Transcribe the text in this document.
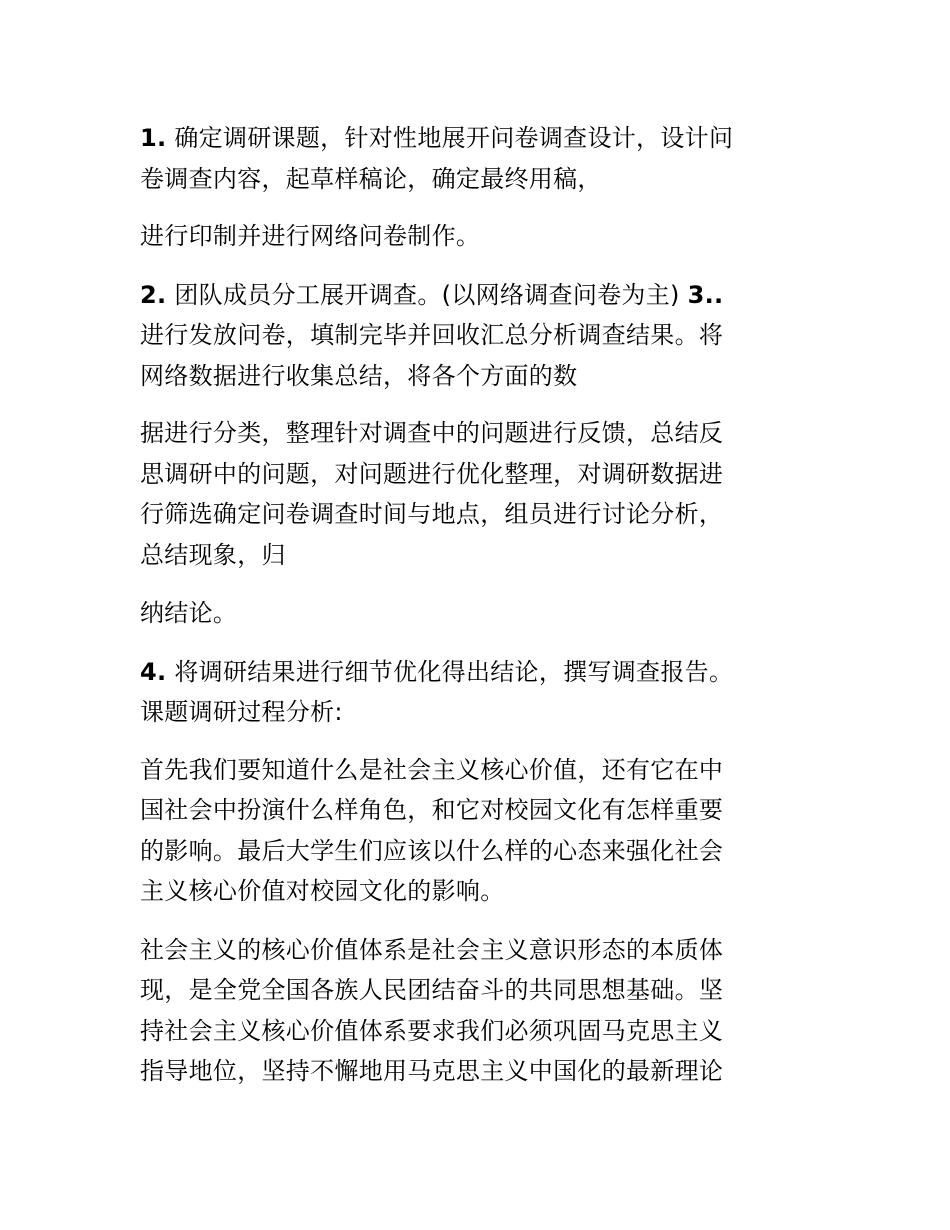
1. 确定调研课题，针对性地展开问卷调查设计，设计问
卷调查内容，起草样稿论，确定最终用稿，

进行印制并进行网络问卷制作。

2. 团队成员分工展开调查。(以网络调查问卷为主) 3..
进行发放问卷，填制完毕并回收汇总分析调查结果。将
网络数据进行收集总结，将各个方面的数

据进行分类，整理针对调查中的问题进行反馈，总结反
思调研中的问题，对问题进行优化整理，对调研数据进
行筛选确定问卷调查时间与地点，组员进行讨论分析，
总结现象，归

纳结论。

4. 将调研结果进行细节优化得出结论，撰写调查报告。
课题调研过程分析:

首先我们要知道什么是社会主义核心价值，还有它在中
国社会中扮演什么样角色，和它对校园文化有怎样重要
的影响。最后大学生们应该以什么样的心态来强化社会
主义核心价值对校园文化的影响。

社会主义的核心价值体系是社会主义意识形态的本质体
现，是全党全国各族人民团结奋斗的共同思想基础。坚
持社会主义核心价值体系要求我们必须巩固马克思主义
指导地位，坚持不懈地用马克思主义中国化的最新理论
